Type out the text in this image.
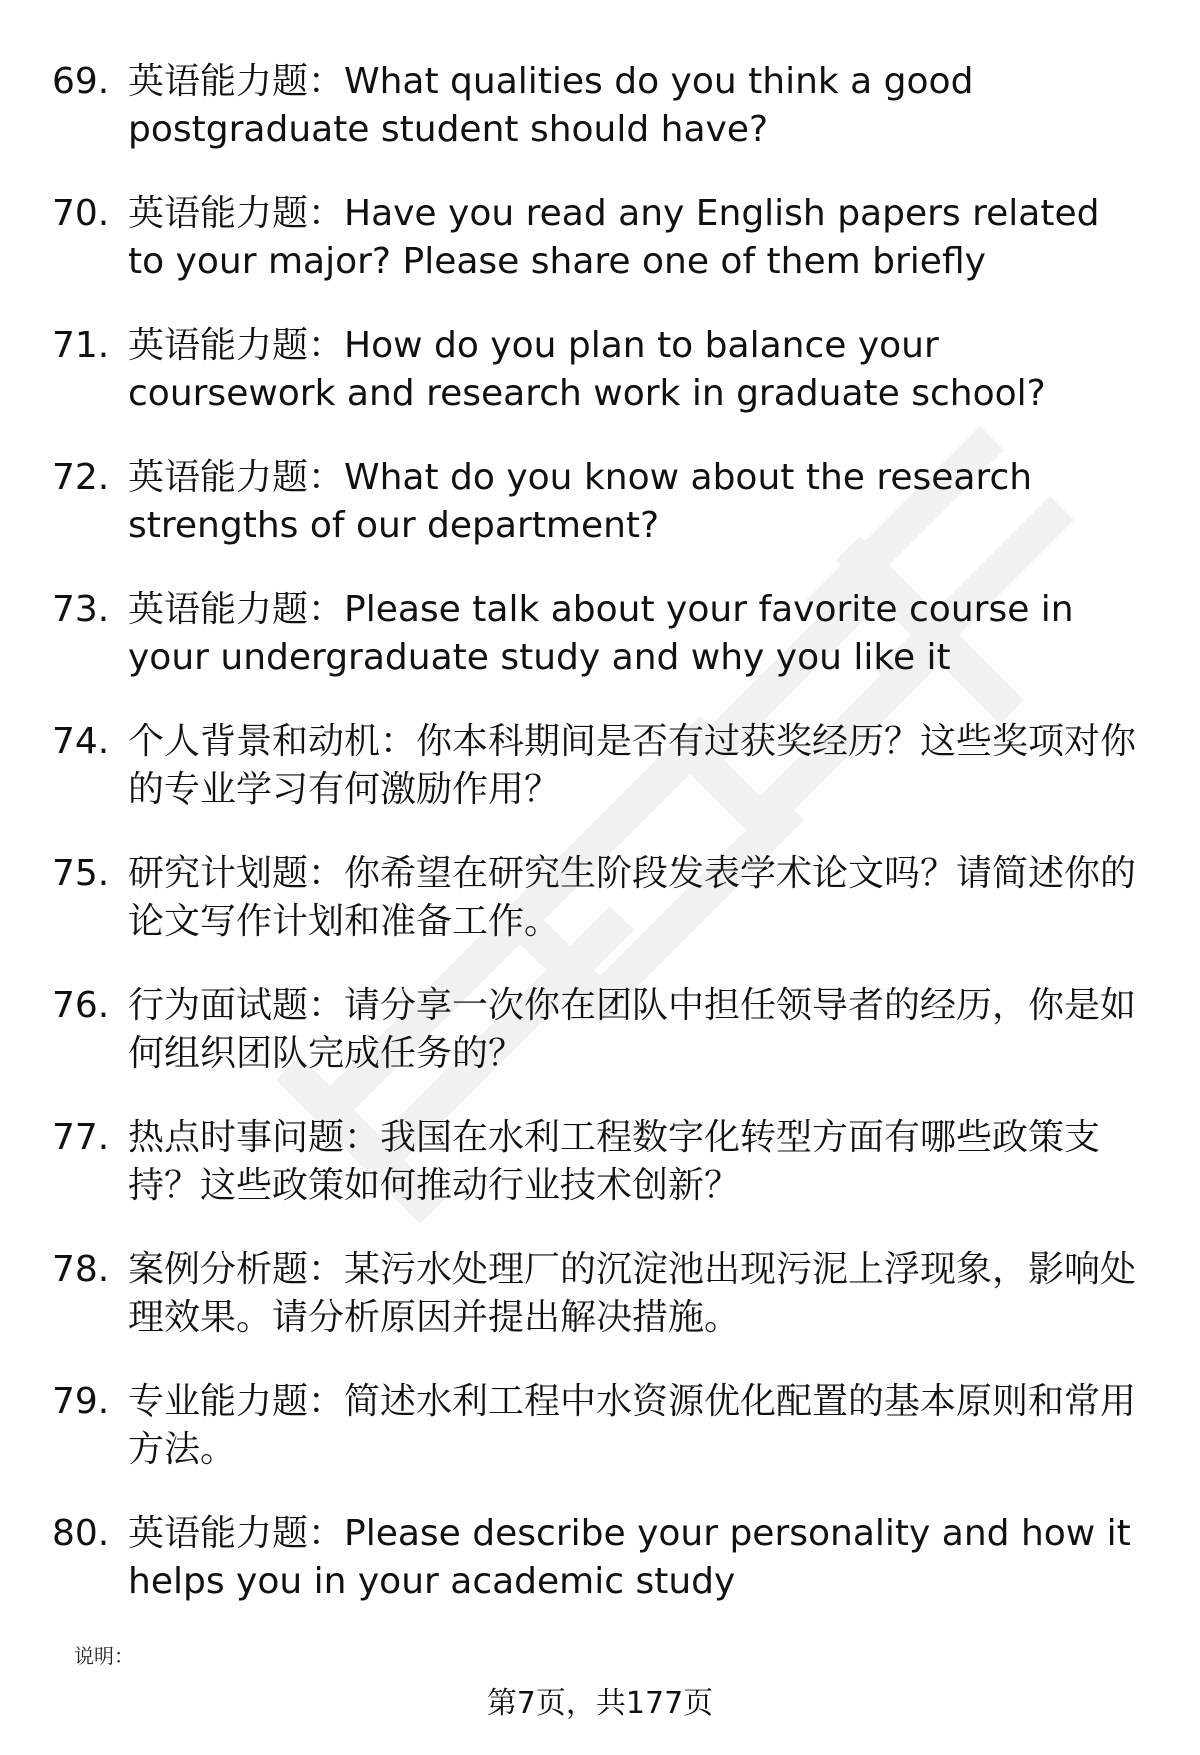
69. 英语能力题：What qualities do you think a good postgraduate student should have?
70. 英语能力题：Have you read any English papers related to your major? Please share one of them briefly
71. 英语能力题：How do you plan to balance your coursework and research work in graduate school?
72. 英语能力题：What do you know about the research strengths of our department?
73. 英语能力题：Please talk about your favorite course in your undergraduate study and why you like it
74. 个人背景和动机：你本科期间是否有过获奖经历？这些奖项对你的专业学习有何激励作用？
75. 研究计划题：你希望在研究生阶段发表学术论文吗？请简述你的论文写作计划和准备工作。
76. 行为面试题：请分享一次你在团队中担任领导者的经历，你是如何组织团队完成任务的？
77. 热点时事问题：我国在水利工程数字化转型方面有哪些政策支持？这些政策如何推动行业技术创新？
78. 案例分析题：某污水处理厂的沉淀池出现污泥上浮现象，影响处理效果。请分析原因并提出解决措施。
79. 专业能力题：简述水利工程中水资源优化配置的基本原则和常用方法。
80. 英语能力题：Please describe your personality and how it helps you in your academic study
说明：
第7页，共177页
